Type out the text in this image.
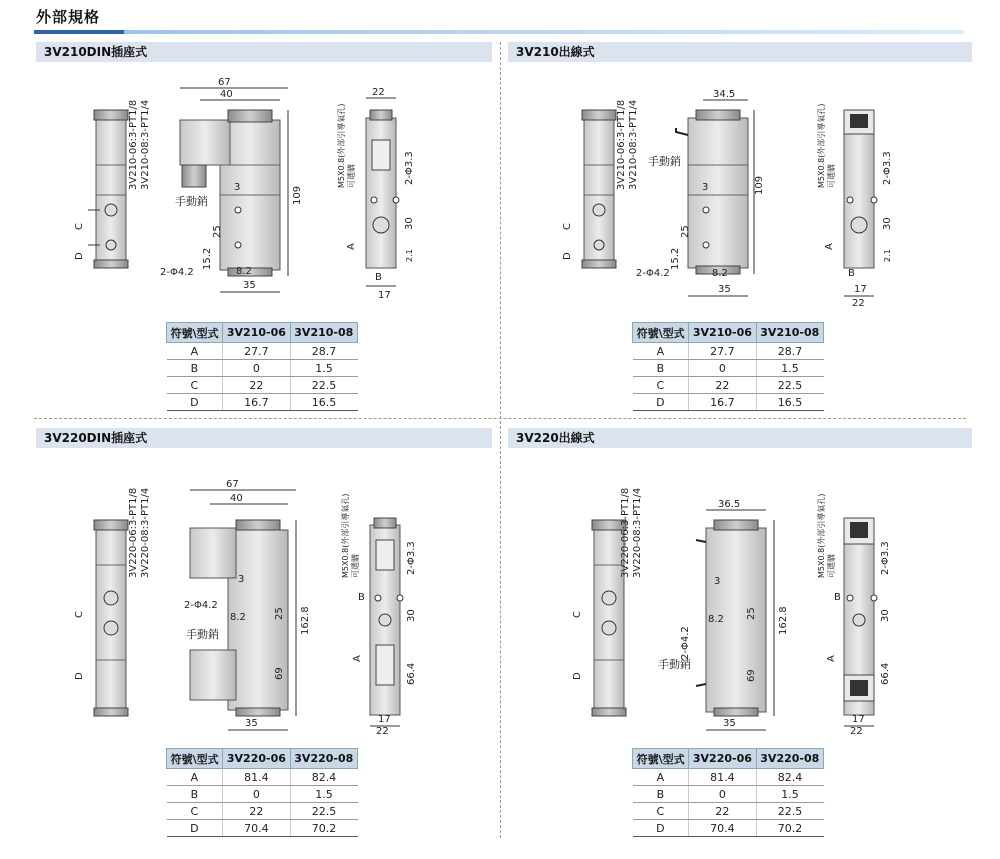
外部規格
3V210DIN插座式	3V210出線式
3V220DIN插座式	3V220出線式
3V210-06:3-PT1/8 3V210-08:3-PT1/4
C
D
67
40
109
3
手動銷
25
15.2
8.2
35
2-Φ4.2
22
M5X0.8(外部引導氣孔) 可選購	2-Φ3.3
30
2.1
A
B
17
3V210-06:3-PT1/8 3V210-08:3-PT1/4
C
D
34.5
109
3
手動銷
25
15.2
8.2
35
2-Φ4.2
M5X0.8(外部引導氣孔) 可選購	2-Φ3.3
30
2.1
A
B
17
22
3V220-06:3-PT1/8 3V220-08:3-PT1/4
C
D
67
40
162.8
25
69
3
2-Φ4.2
8.2
手動銷
35
M5X0.8(外部引導氣孔) 可選購	2-Φ3.3
30
66.4
B
A
17
22
3V220-06:3-PT1/8 3V220-08:3-PT1/4
C
D
36.5
162.8
25
69
3
2-Φ4.2
8.2
手動銷
35
M5X0.8(外部引導氣孔) 可選購	2-Φ3.3
30
66.4
B
A
17
22
符號\型式	3V210-06	3V210-08
A	27.7	28.7
B	0	1.5
C	22	22.5
D	16.7	16.5
符號\型式	3V210-06	3V210-08
A	27.7	28.7
B	0	1.5
C	22	22.5
D	16.7	16.5
符號\型式	3V220-06	3V220-08
A	81.4	82.4
B	0	1.5
C	22	22.5
D	70.4	70.2
符號\型式	3V220-06	3V220-08
A	81.4	82.4
B	0	1.5
C	22	22.5
D	70.4	70.2
